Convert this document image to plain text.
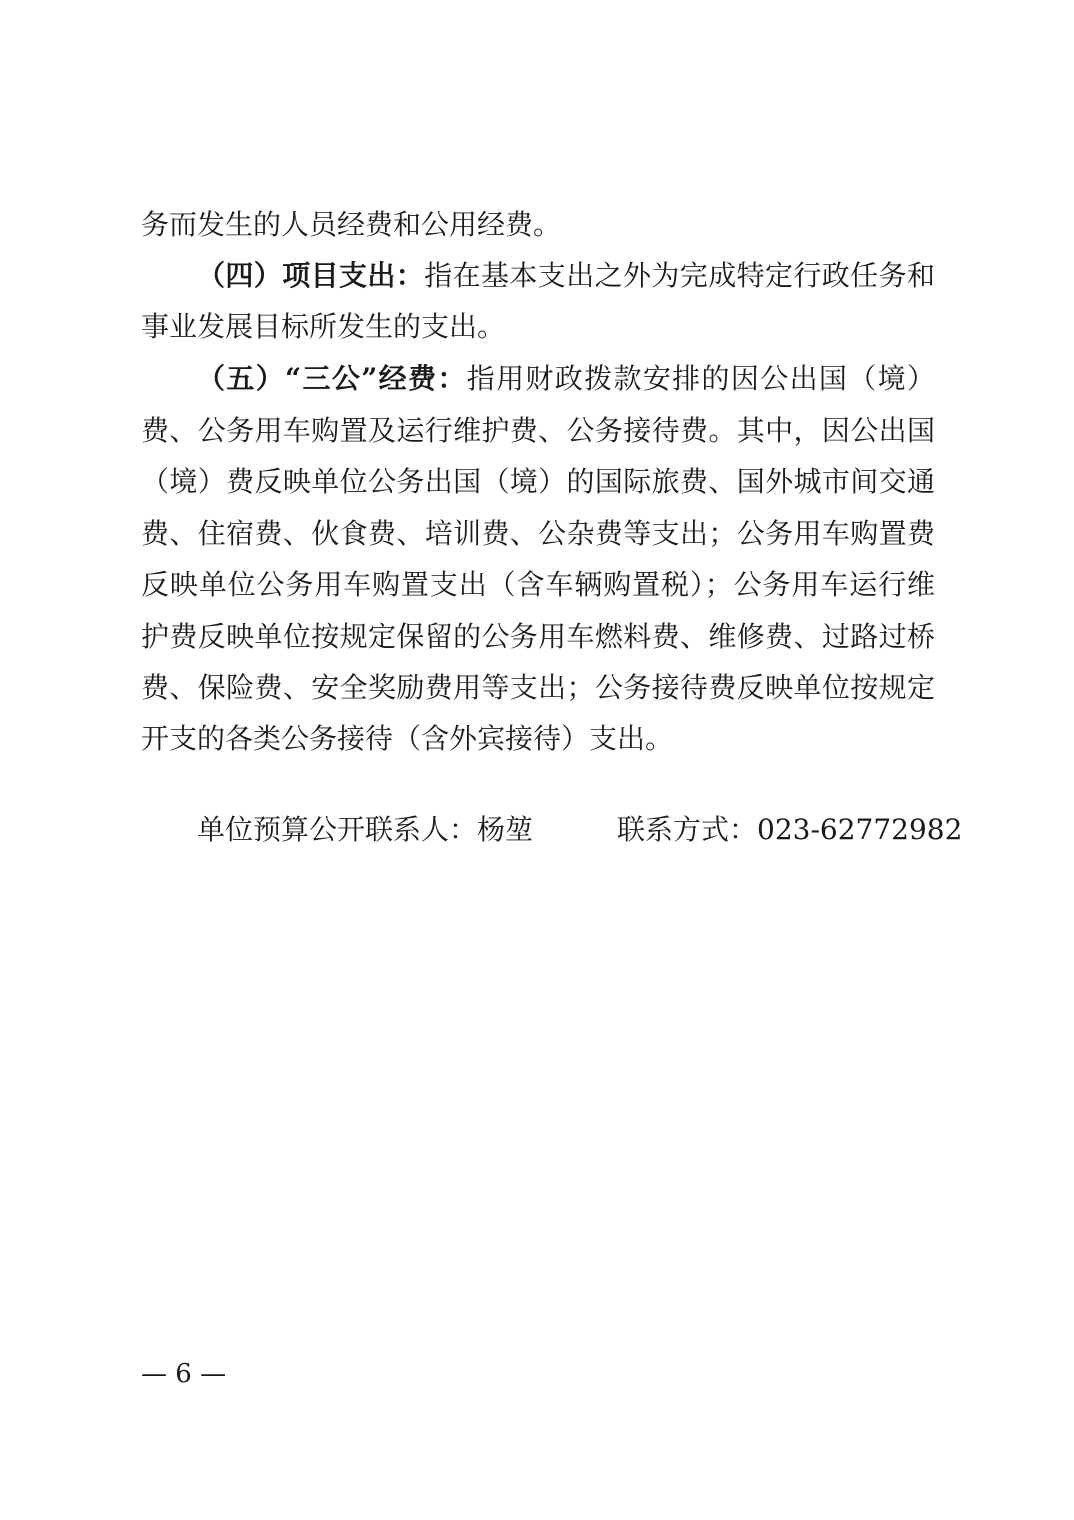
务而发生的人员经费和公用经费。
（四）项目支出：指在基本支出之外为完成特定行政任务和
事业发展目标所发生的支出。
（五）“三公”经费：指用财政拨款安排的因公出国（境）
费、公务用车购置及运行维护费、公务接待费。其中，因公出国
（境）费反映单位公务出国（境）的国际旅费、国外城市间交通
费、住宿费、伙食费、培训费、公杂费等支出；公务用车购置费
反映单位公务用车购置支出（含车辆购置税）；公务用车运行维
护费反映单位按规定保留的公务用车燃料费、维修费、过路过桥
费、保险费、安全奖励费用等支出；公务接待费反映单位按规定
开支的各类公务接待（含外宾接待）支出。
单位预算公开联系人：杨堃	联系方式：023-62772982
— 6 —
